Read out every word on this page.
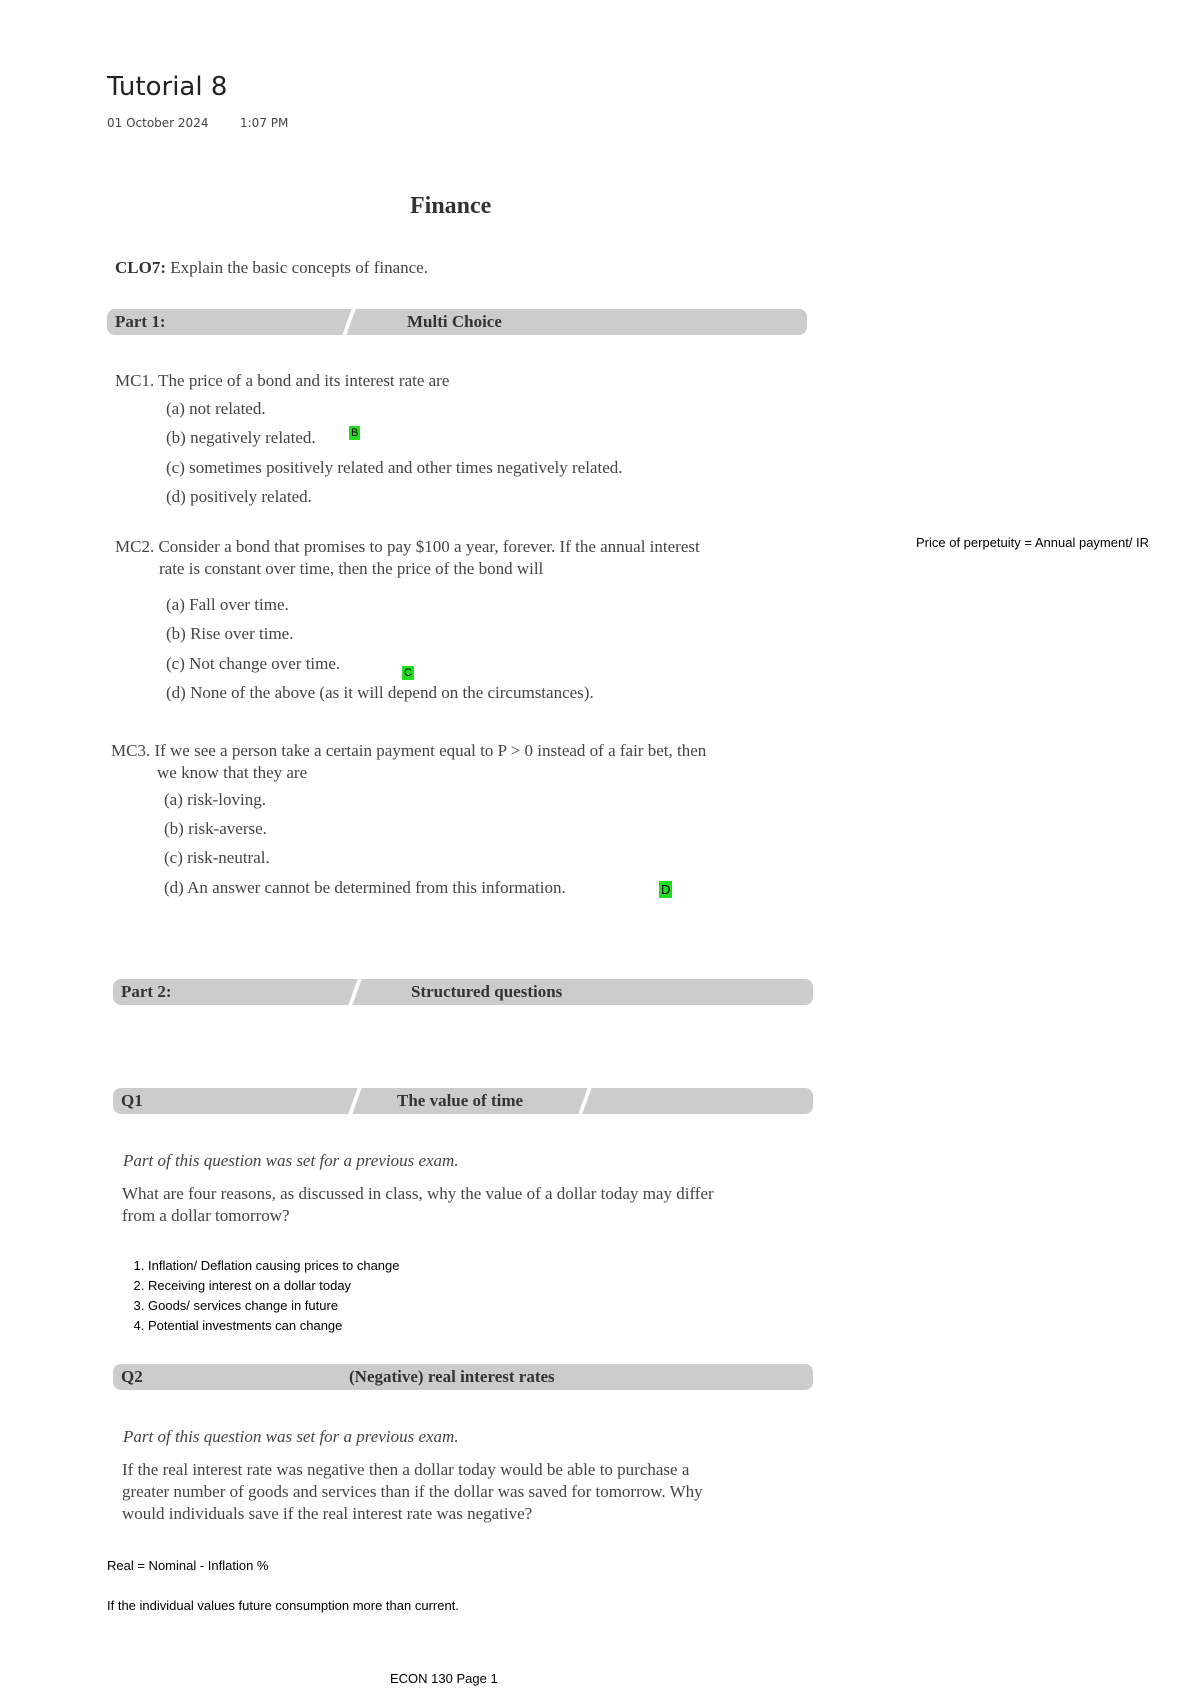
Tutorial 8
01 October 2024	1:07 PM
Finance
CLO7: Explain the basic concepts of finance.
Part 1:	Multi Choice
MC1. The price of a bond and its interest rate are
(a) not related.
(b) negatively related.	B
(c) sometimes positively related and other times negatively related.
(d) positively related.
MC2. Consider a bond that promises to pay $100 a year, forever. If the annual interest
rate is constant over time, then the price of the bond will
(a) Fall over time.
(b) Rise over time.
(c) Not change over time.	C
(d) None of the above (as it will depend on the circumstances).
Price of perpetuity = Annual payment/ IR
MC3. If we see a person take a certain payment equal to P > 0 instead of a fair bet, then
we know that they are
(a) risk-loving.
(b) risk-averse.
(c) risk-neutral.
(d) An answer cannot be determined from this information.	D
Part 2:	Structured questions
Q1	The value of time
Part of this question was set for a previous exam.
What are four reasons, as discussed in class, why the value of a dollar today may differ
from a dollar tomorrow?
1. Inflation/ Deflation causing prices to change
2. Receiving interest on a dollar today
3. Goods/ services change in future
4. Potential investments can change
Q2	(Negative) real interest rates
Part of this question was set for a previous exam.
If the real interest rate was negative then a dollar today would be able to purchase a
greater number of goods and services than if the dollar was saved for tomorrow. Why
would individuals save if the real interest rate was negative?
Real = Nominal - Inflation %
If the individual values future consumption more than current.
ECON 130 Page 1
